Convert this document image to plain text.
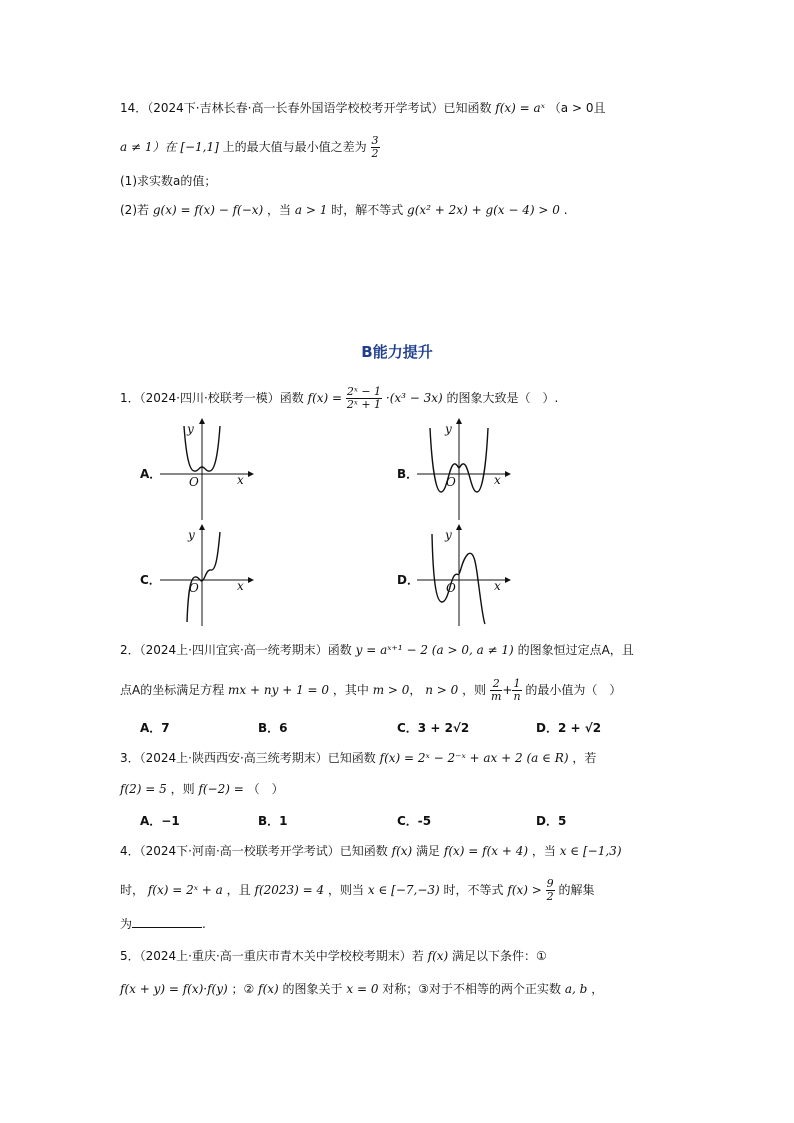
14．（2024下·吉林长春·高一长春外国语学校校考开学考试）已知函数 f(x) = aˣ （a > 0且
a ≠ 1）在 [−1,1] 上的最大值与最小值之差为 $\frac{3}{2}$
(1)求实数a的值；
(2)若 g(x) = f(x) − f(−x) ，当 a > 1 时，解不等式 g(x² + 2x) + g(x − 4) > 0 .
B能力提升
1．（2024·四川·校联考一模）函数 $f(x) = \frac{\text{2ˣ − 1}}{\text{2ˣ + 1}} \cdot(x^3 - 3x)$ 的图象大致是（　）.
A．
y
x
O
B．
y
x
O
C．
y
x
O
D．
y
x
O
2．（2024上·四川宜宾·高一统考期末）函数 y = aˣ⁺¹ − 2 (a > 0, a ≠ 1) 的图象恒过定点A，且
点A的坐标满足方程 mx + ny + 1 = 0 ，其中 m > 0， n > 0 ，则 $\frac{2}{m} + \frac{1}{n}$ 的最小值为（　）
A．7	B．6	C．3 + 2√2	D．2 + √2
3．（2024上·陕西西安·高三统考期末）已知函数 f(x) = 2ˣ − 2⁻ˣ + ax + 2 (a ∈ R) ，若
f(2) = 5 ，则 f(−2) = （　）
A．−1	B．1	C．-5	D．5
4．（2024下·河南·高一校联考开学考试）已知函数 f(x) 满足 f(x) = f(x + 4) ，当 x ∈ [−1,3)
时， f(x) = 2ˣ + a ，且 f(2023) = 4 ，则当 x ∈ [−7,−3) 时，不等式 $f(x) > \frac{9}{2}$ 的解集
为	.
5．（2024上·重庆·高一重庆市青木关中学校校考期末）若 f(x) 满足以下条件：①
f(x + y) = f(x)·f(y) ；② f(x) 的图象关于 x = 0 对称；③对于不相等的两个正实数 a, b ，
